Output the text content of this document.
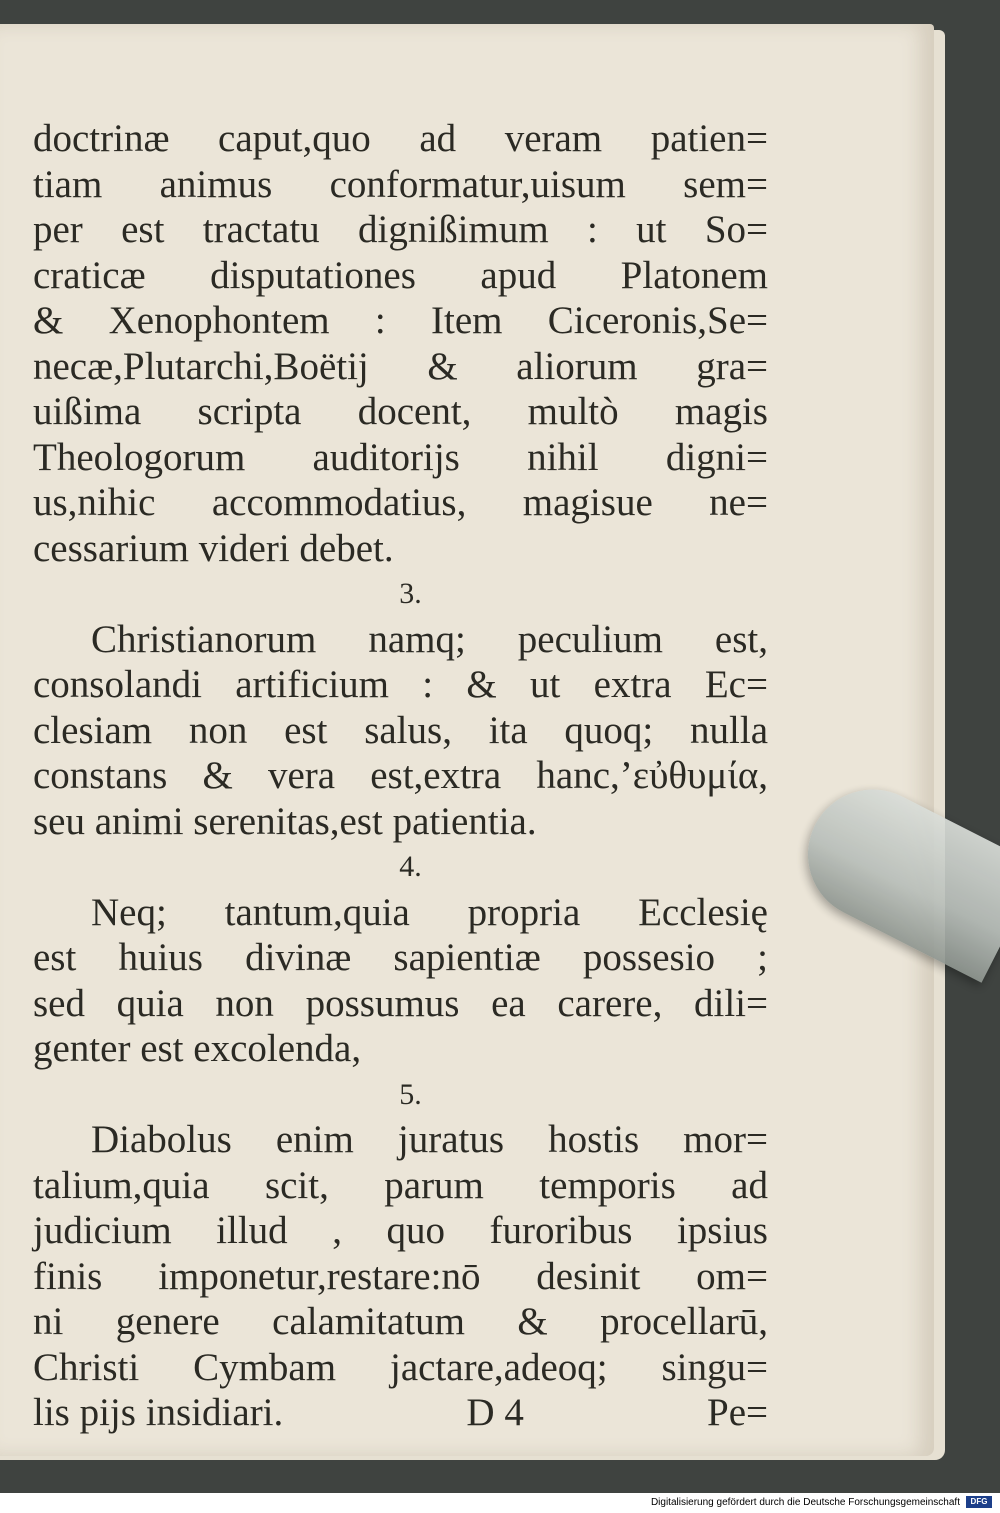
doctrinæ caput,quo ad veram patien=
tiam animus conformatur,uisum sem=
per est tractatu dignißimum : ut So=
craticæ disputationes apud Platonem
& Xenophontem : Item Ciceronis,Se=
necæ,Plutarchi,Boëtij & aliorum gra=
uißima scripta docent, multò magis
Theologorum auditorijs nihil digni=
us,nihic accommodatius, magisue ne=
cessarium videri debet.
3.
Christianorum namq; peculium est,
consolandi artificium : & ut extra Ec=
clesiam non est salus, ita quoq; nulla
constans & vera est,extra hanc,ʼεὐθυμία,
seu animi serenitas,est patientia.
4.
Neq; tantum,quia propria Ecclesię
est huius divinæ sapientiæ possesio ;
sed quia non possumus ea carere, dili=
genter est excolenda,
5.
Diabolus enim juratus hostis mor=
talium,quia scit, parum temporis ad
judicium illud , quo furoribus ipsius
finis imponetur,restare:nō desinit om=
ni genere calamitatum & procellarū,
Christi Cymbam jactare,adeoq; singu=
lis pijs insidiari.	D 4	Pe=
Digitalisierung gefördert durch die Deutsche Forschungsgemeinschaft	DFG
